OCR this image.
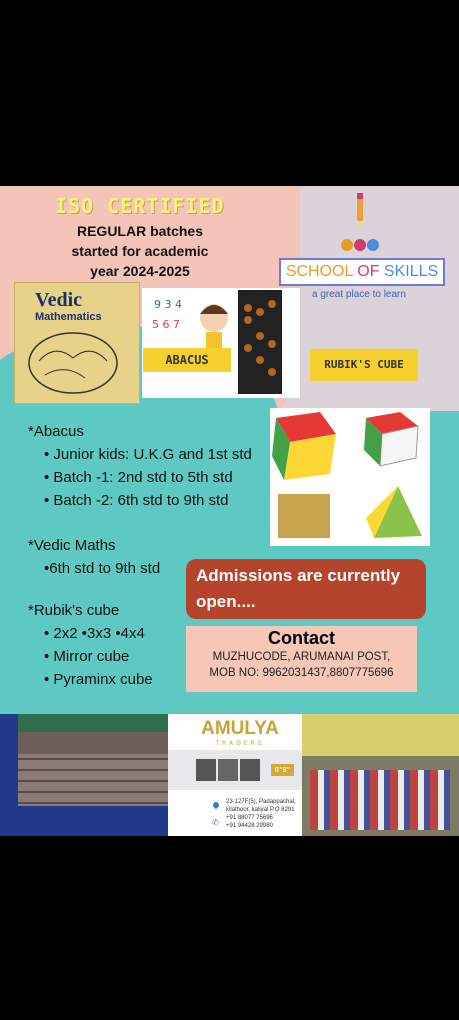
ISO CERTIFIED
REGULAR batches
started for academic
year 2024-2025	SCHOOL OF SKILLS
a great place to learn
Vedic
Mathematics
9 3 4
5 6 7
ABACUS	RUBIK'S CUBE
*Abacus
• Junior kids: U.K.G and 1st std
• Batch -1: 2nd std to 5th std
• Batch -2: 6th std to 9th std
*Vedic Maths
•6th std to 9th std
*Rubik's cube
• 2x2 •3x3 •4x4
• Mirror cube
• Pyraminx cube
Admissions are currently
open....
Contact
MUZHUCODE, ARUMANAI POST,
MOB NO: 9962031437,8807775696
AMULYA
TRADERS
6"8"
23-127F(5), Padappachal,
kilathoor, kaliyal P.O 6291
+91 88077 75696
+91 94428 29980
✆
